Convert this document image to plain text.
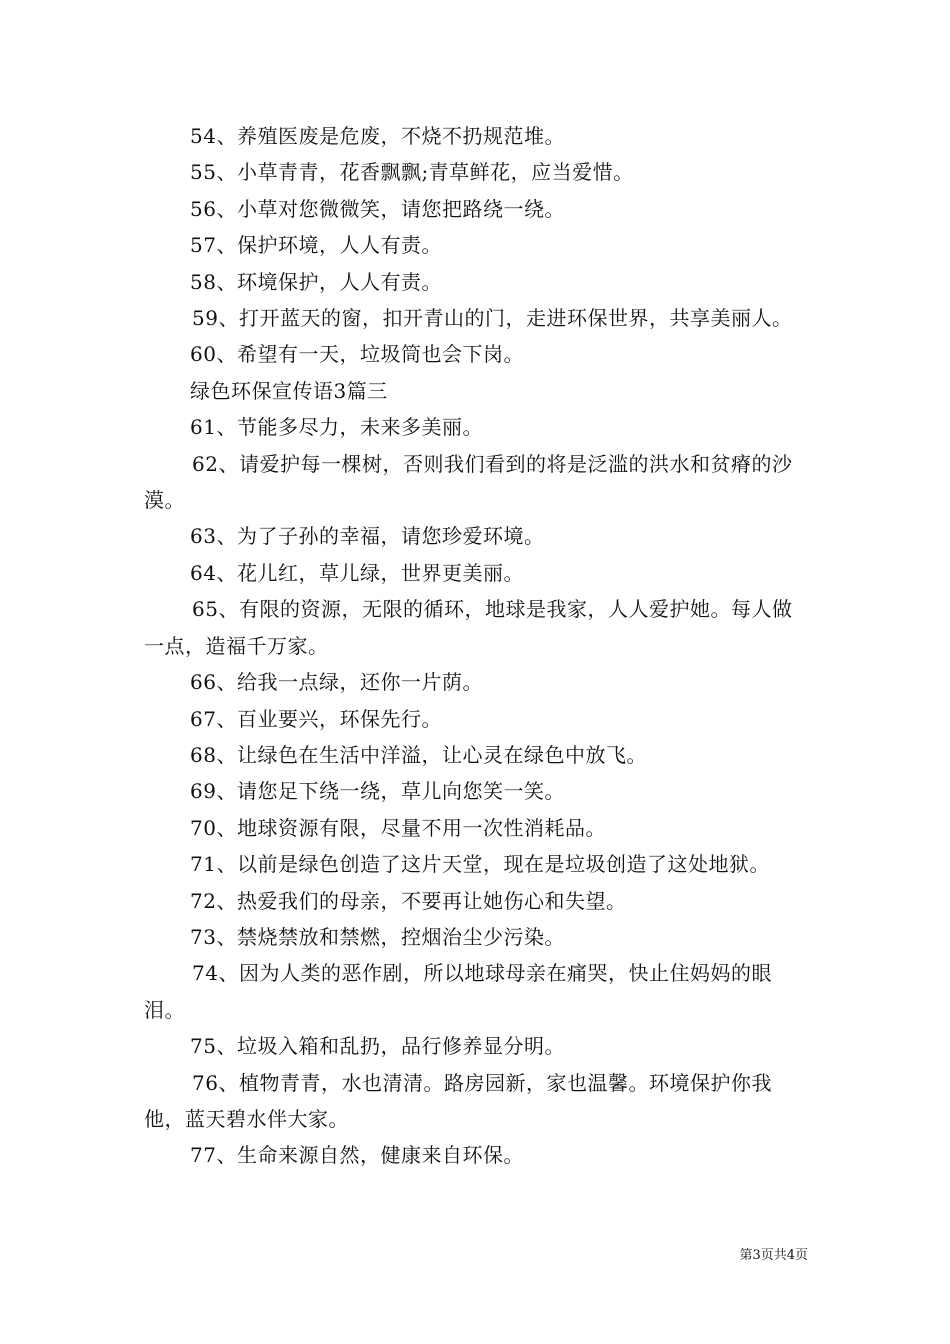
54、养殖医废是危废，不烧不扔规范堆。

55、小草青青，花香飘飘;青草鲜花，应当爱惜。

56、小草对您微微笑，请您把路绕一绕。

57、保护环境，人人有责。

58、环境保护，人人有责。

59、打开蓝天的窗，扣开青山的门，走进环保世界，共享美丽人。

60、希望有一天，垃圾筒也会下岗。

绿色环保宣传语3篇三

61、节能多尽力，未来多美丽。

62、请爱护每一棵树，否则我们看到的将是泛滥的洪水和贫瘠的沙漠。

63、为了子孙的幸福，请您珍爱环境。

64、花儿红，草儿绿，世界更美丽。

65、有限的资源，无限的循环，地球是我家，人人爱护她。每人做一点，造福千万家。

66、给我一点绿，还你一片荫。

67、百业要兴，环保先行。

68、让绿色在生活中洋溢，让心灵在绿色中放飞。

69、请您足下绕一绕，草儿向您笑一笑。

70、地球资源有限，尽量不用一次性消耗品。

71、以前是绿色创造了这片天堂，现在是垃圾创造了这处地狱。

72、热爱我们的母亲，不要再让她伤心和失望。

73、禁烧禁放和禁燃，控烟治尘少污染。

74、因为人类的恶作剧，所以地球母亲在痛哭，快止住妈妈的眼泪。

75、垃圾入箱和乱扔，品行修养显分明。

76、植物青青，水也清清。路房园新，家也温馨。环境保护你我他，蓝天碧水伴大家。

77、生命来源自然，健康来自环保。

第3页共4页
